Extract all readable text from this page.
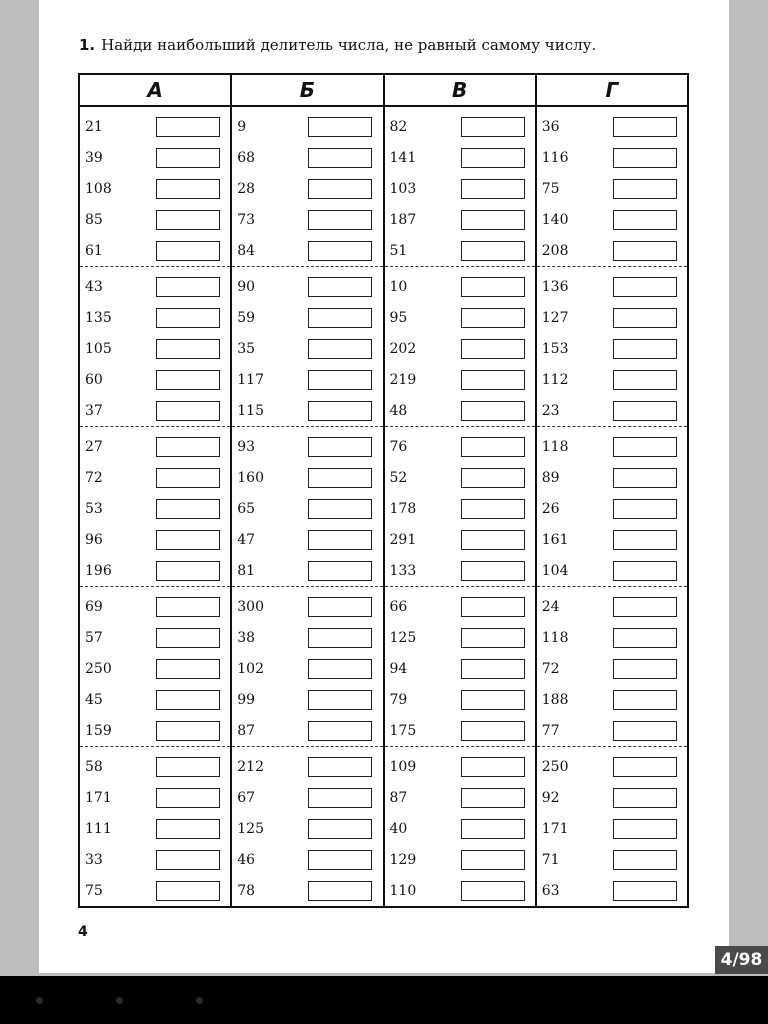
1. Найди наибольший делитель числа, не равный самому числу.
А
21
39
108
85
61
43
135
105
60
37
27
72
53
96
196
69
57
250
45
159
58
171
111
33
75
Б
9
68
28
73
84
90
59
35
117
115
93
160
65
47
81
300
38
102
99
87
212
67
125
46
78
В
82
141
103
187
51
10
95
202
219
48
76
52
178
291
133
66
125
94
79
175
109
87
40
129
110
Г
36
116
75
140
208
136
127
153
112
23
118
89
26
161
104
24
118
72
188
77
250
92
171
71
63
4
4/98
